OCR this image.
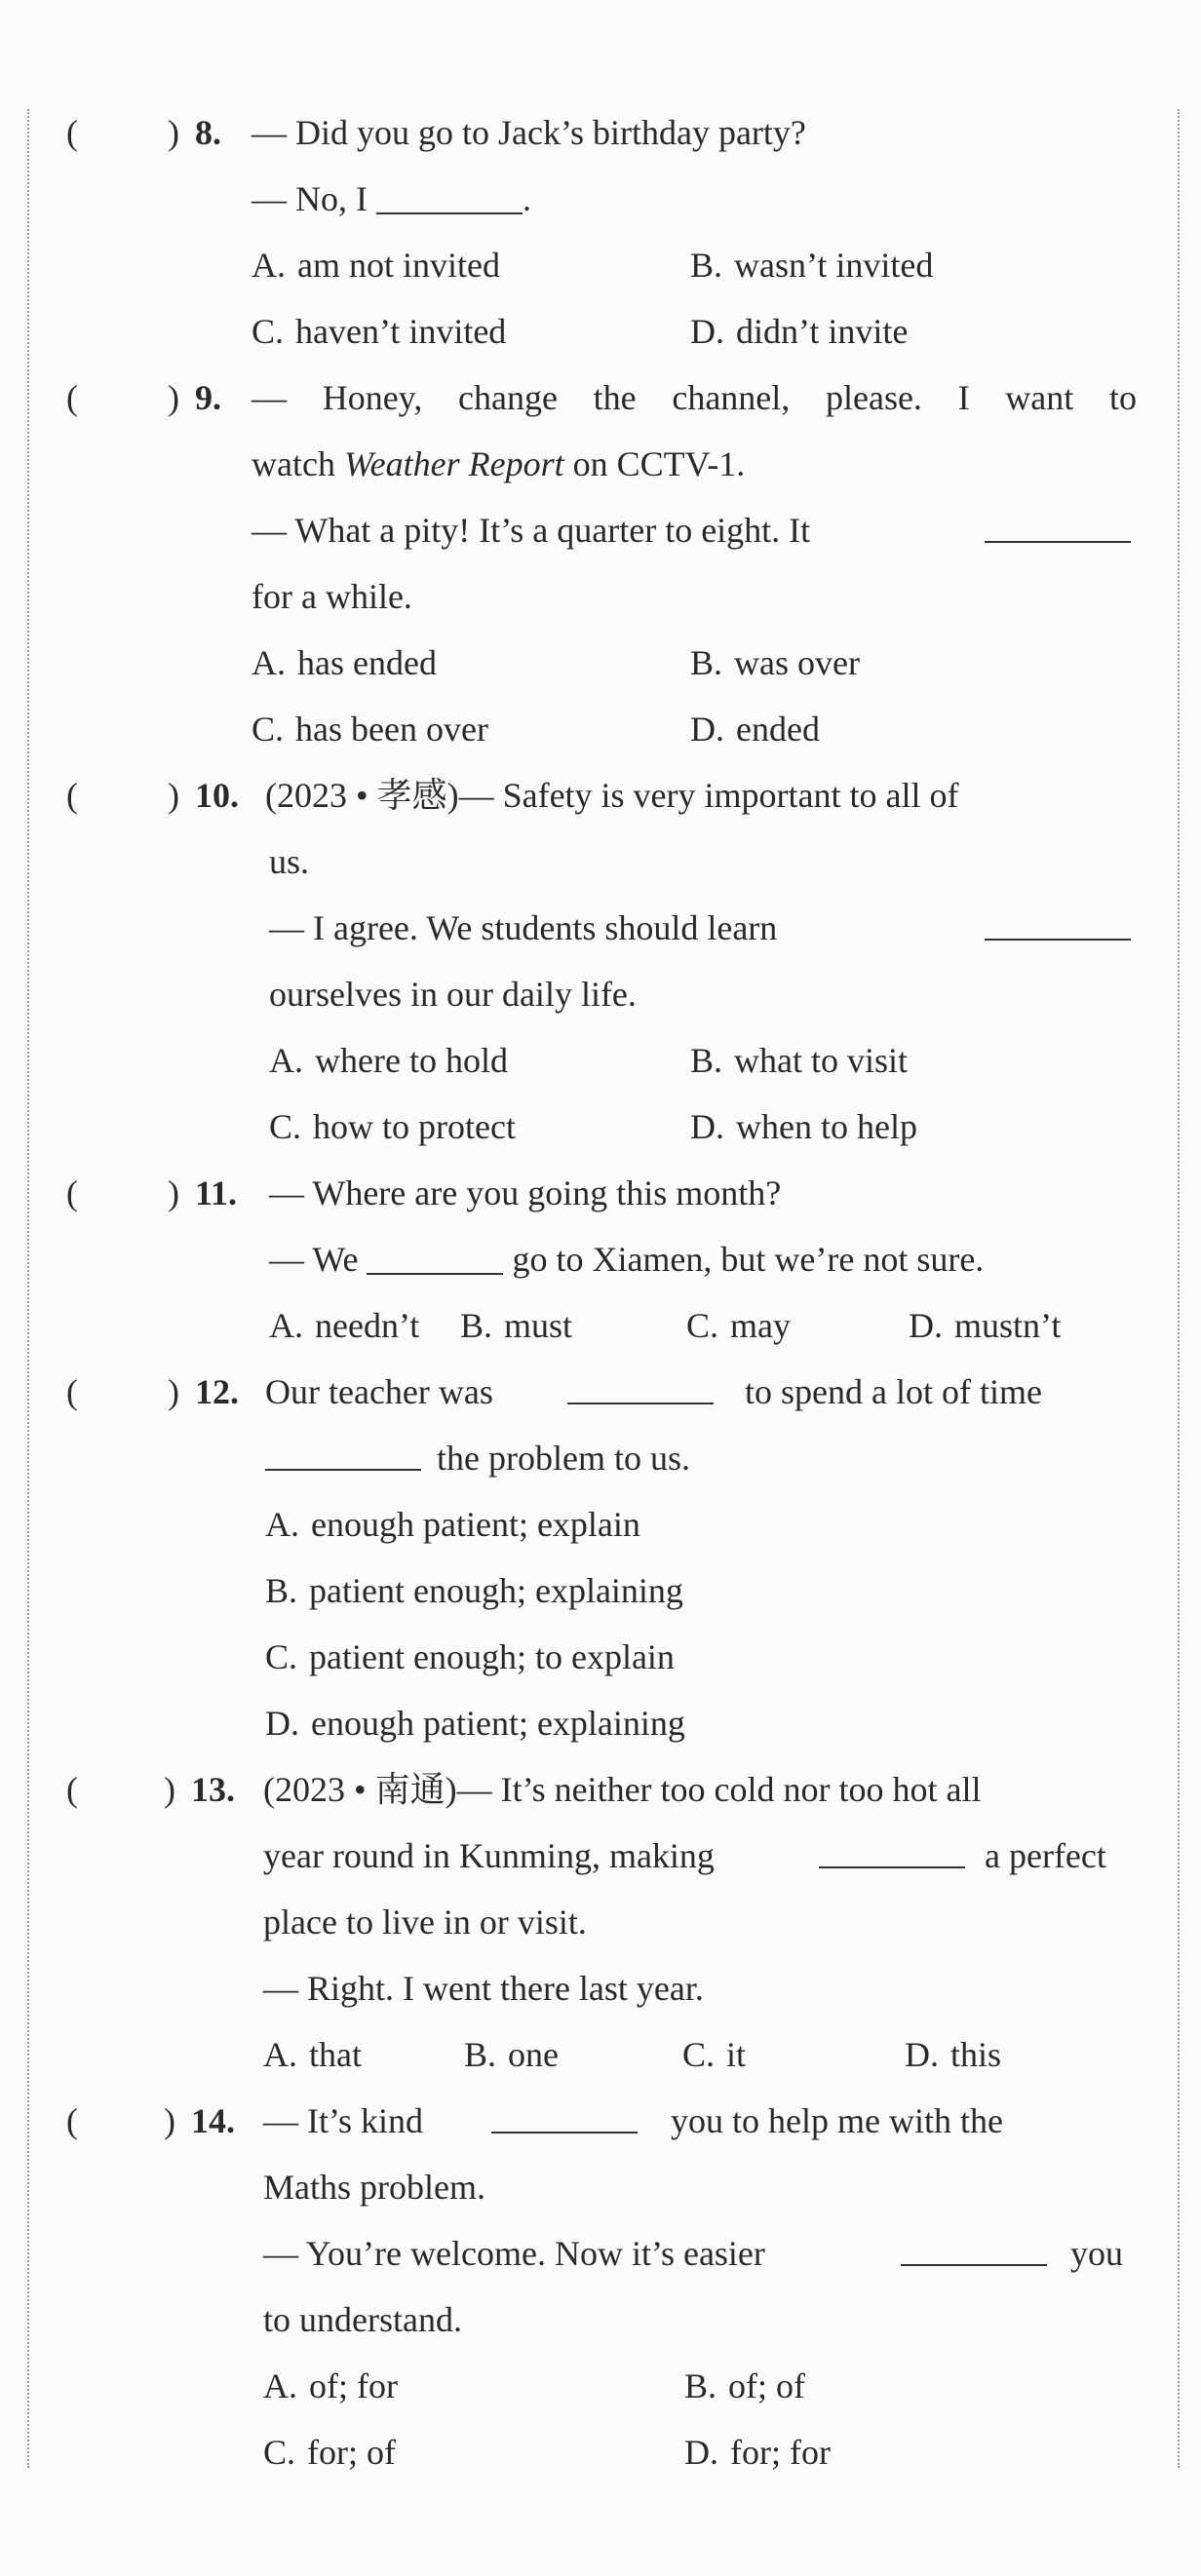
(	) 8. — Did you go to Jack’s birthday party?
— No, I	.
A. am not invited	B. wasn’t invited
C. haven’t invited	D. didn’t invite
(	) 9. — Honey, change the channel, please. I want to
watch Weather Report on CCTV-1.
— What a pity! It’s a quarter to eight. It
for a while.
A. has ended	B. was over
C. has been over	D. ended
(	) 10. (2023 • 孝感)— Safety is very important to all of
us.
— I agree. We students should learn
ourselves in our daily life.
A. where to hold	B. what to visit
C. how to protect	D. when to help
(	) 11. — Where are you going this month?
— We	go to Xiamen, but we’re not sure.
A. needn’t B. must	C. may	D. mustn’t
(	) 12. Our teacher was	to spend a lot of time
the problem to us.
A. enough patient; explain
B. patient enough; explaining
C. patient enough; to explain
D. enough patient; explaining
( ) 13. (2023 • 南通)— It’s neither too cold nor too hot all
year round in Kunming, making	a perfect
place to live in or visit.
— Right. I went there last year.
A. that	B. one	C. it	D. this
( ) 14. — It’s kind	you to help me with the
Maths problem.
— You’re welcome. Now it’s easier	you
to understand.
A. of; for	B. of; of
C. for; of	D. for; for
